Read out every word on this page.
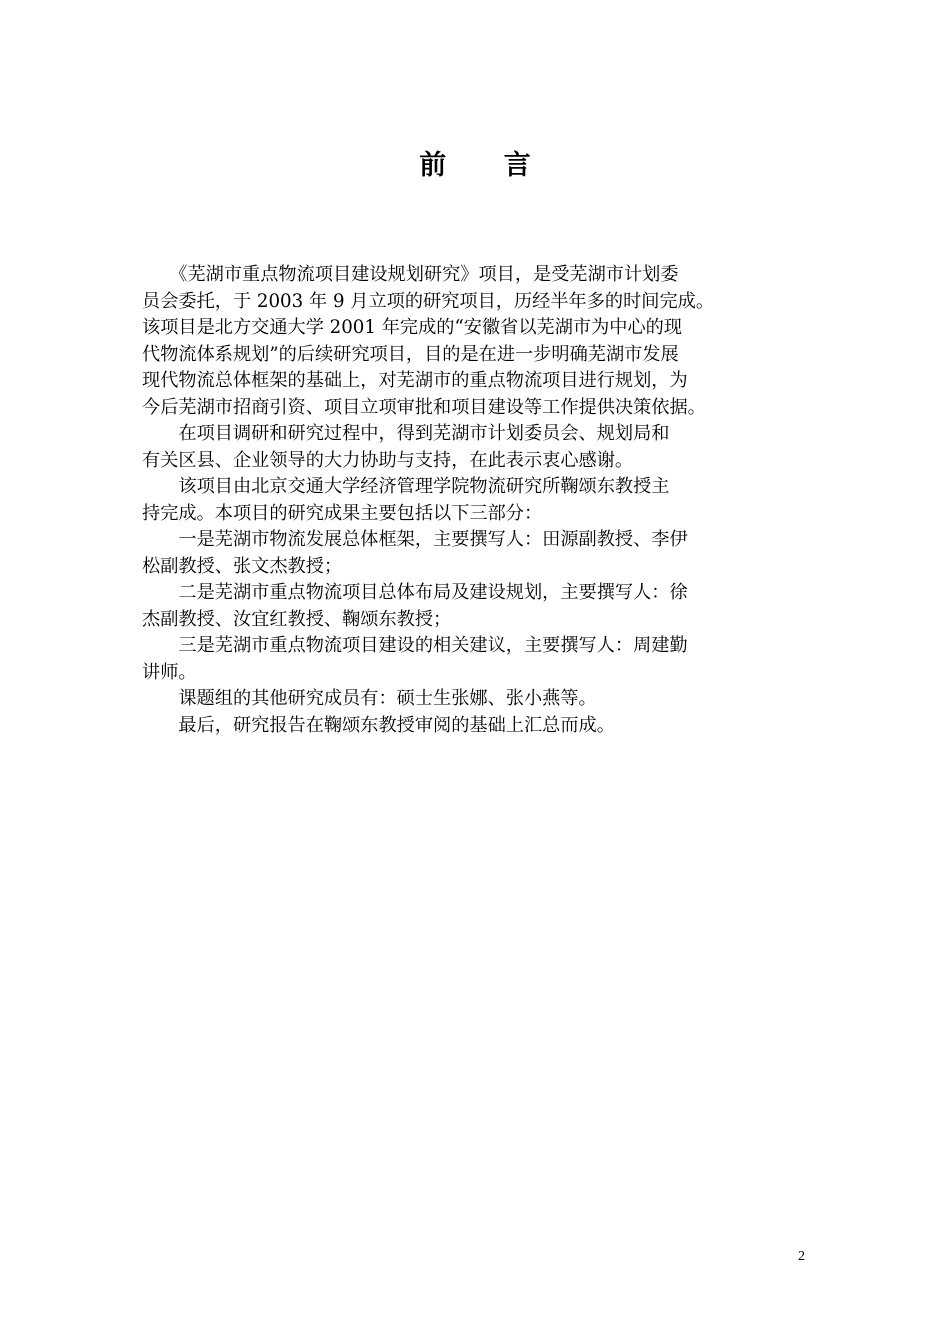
前 言
　　《芜湖市重点物流项目建设规划研究》项目，是受芜湖市计划委
员会委托，于 2003 年 9 月立项的研究项目，历经半年多的时间完成。
该项目是北方交通大学 2001 年完成的“安徽省以芜湖市为中心的现
代物流体系规划”的后续研究项目，目的是在进一步明确芜湖市发展
现代物流总体框架的基础上，对芜湖市的重点物流项目进行规划，为
今后芜湖市招商引资、项目立项审批和项目建设等工作提供决策依据。
　　在项目调研和研究过程中，得到芜湖市计划委员会、规划局和
有关区县、企业领导的大力协助与支持，在此表示衷心感谢。
　　该项目由北京交通大学经济管理学院物流研究所鞠颂东教授主
持完成。本项目的研究成果主要包括以下三部分：
　　一是芜湖市物流发展总体框架，主要撰写人：田源副教授、李伊
松副教授、张文杰教授；
　　二是芜湖市重点物流项目总体布局及建设规划，主要撰写人：徐
杰副教授、汝宜红教授、鞠颂东教授；
　　三是芜湖市重点物流项目建设的相关建议，主要撰写人：周建勤
讲师。
　　课题组的其他研究成员有：硕士生张娜、张小燕等。
　　最后，研究报告在鞠颂东教授审阅的基础上汇总而成。
2
